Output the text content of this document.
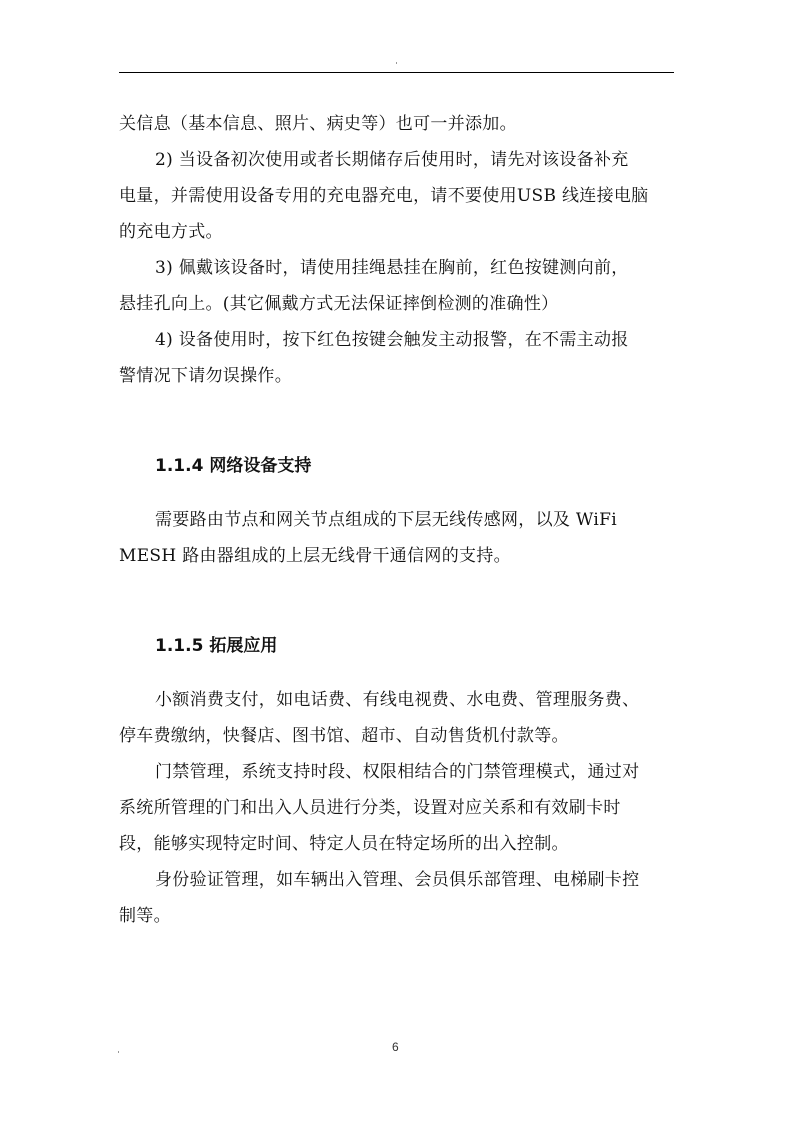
关信息（基本信息、照片、病史等）也可一并添加。
2) 当设备初次使用或者长期储存后使用时，请先对该设备补充
电量，并需使用设备专用的充电器充电，请不要使用USB 线连接电脑
的充电方式。
3) 佩戴该设备时，请使用挂绳悬挂在胸前，红色按键测向前，
悬挂孔向上。(其它佩戴方式无法保证摔倒检测的准确性）
4) 设备使用时，按下红色按键会触发主动报警，在不需主动报
警情况下请勿误操作。
1.1.4 网络设备支持
需要路由节点和网关节点组成的下层无线传感网，以及 WiFi
MESH 路由器组成的上层无线骨干通信网的支持。
1.1.5 拓展应用
小额消费支付，如电话费、有线电视费、水电费、管理服务费、
停车费缴纳，快餐店、图书馆、超市、自动售货机付款等。
门禁管理，系统支持时段、权限相结合的门禁管理模式，通过对
系统所管理的门和出入人员进行分类，设置对应关系和有效刷卡时
段，能够实现特定时间、特定人员在特定场所的出入控制。
身份验证管理，如车辆出入管理、会员俱乐部管理、电梯刷卡控
制等。
6
